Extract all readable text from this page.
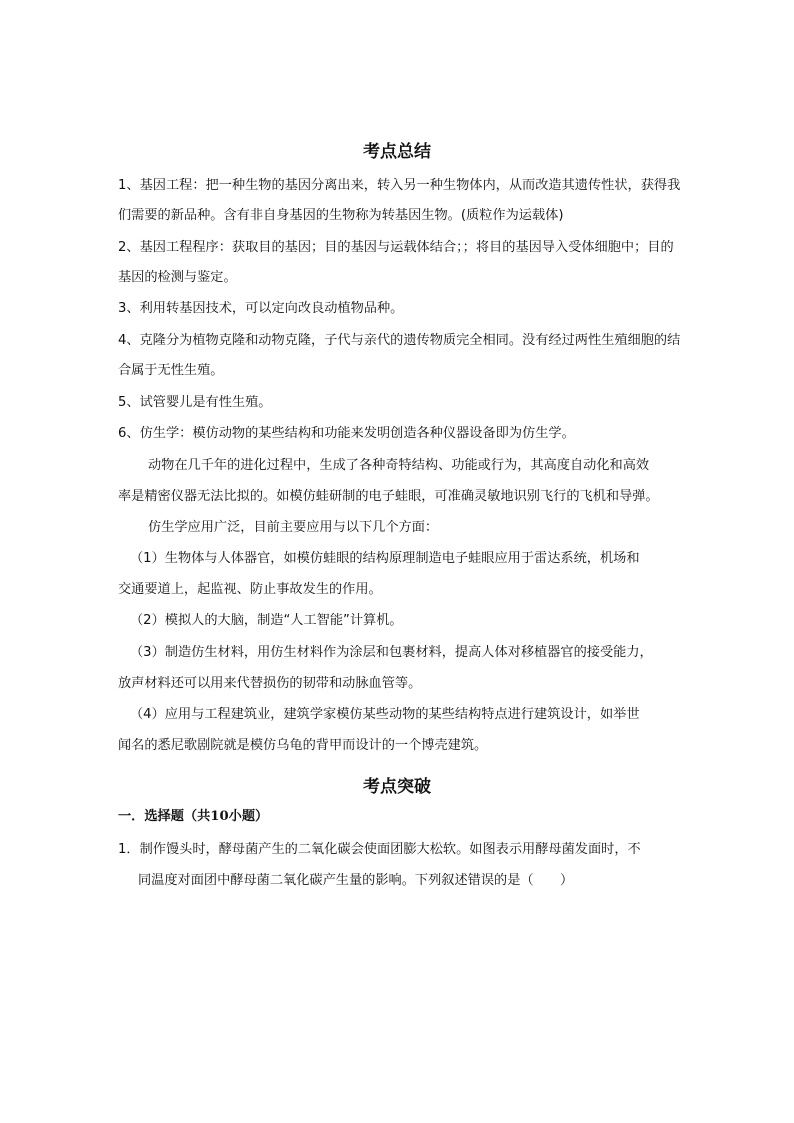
考点总结
1、基因工程：把一种生物的基因分离出来，转入另一种生物体内，从而改造其遗传性状，获得我
们需要的新品种。含有非自身基因的生物称为转基因生物。(质粒作为运载体)
2、基因工程程序：获取目的基因；目的基因与运载体结合；；将目的基因导入受体细胞中；目的
基因的检测与鉴定。
3、利用转基因技术，可以定向改良动植物品种。
4、克隆分为植物克隆和动物克隆，子代与亲代的遗传物质完全相同。没有经过两性生殖细胞的结
合属于无性生殖。
5、试管婴儿是有性生殖。
6、仿生学：模仿动物的某些结构和功能来发明创造各种仪器设备即为仿生学。
动物在几千年的进化过程中，生成了各种奇特结构、功能或行为，其高度自动化和高效
率是精密仪器无法比拟的。如模仿蛙研制的电子蛙眼，可准确灵敏地识别飞行的飞机和导弹。
仿生学应用广泛，目前主要应用与以下几个方面：
（1）生物体与人体器官，如模仿蛙眼的结构原理制造电子蛙眼应用于雷达系统，机场和
交通要道上，起监视、防止事故发生的作用。
（2）模拟人的大脑，制造“人工智能”计算机。
（3）制造仿生材料，用仿生材料作为涂层和包裹材料，提高人体对移植器官的接受能力，
放声材料还可以用来代替损伤的韧带和动脉血管等。
（4）应用与工程建筑业，建筑学家模仿某些动物的某些结构特点进行建筑设计，如举世
闻名的悉尼歌剧院就是模仿乌龟的背甲而设计的一个博壳建筑。
考点突破
一．选择题（共10小题）
1．制作馒头时，酵母菌产生的二氧化碳会使面团膨大松软。如图表示用酵母菌发面时，不
同温度对面团中酵母菌二氧化碳产生量的影响。下列叙述错误的是（　　）
